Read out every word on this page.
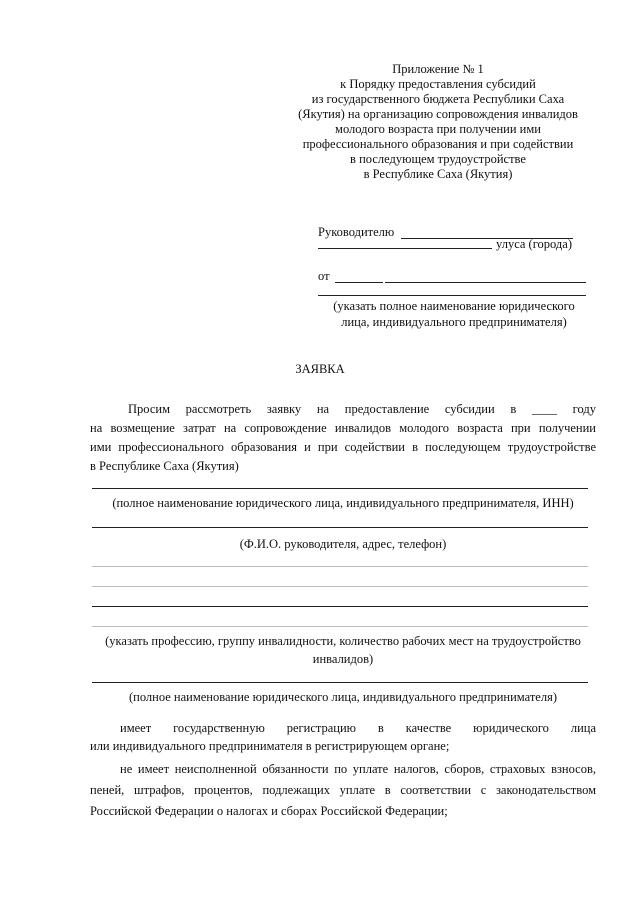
Приложение № 1
к Порядку предоставления субсидий
из государственного бюджета Республики Саха
(Якутия) на организацию сопровождения инвалидов
молодого возраста при получении ими
профессионального образования и при содействии
в последующем трудоустройстве
в Республике Саха (Якутия)
Руководителю
улуса (города)
от
(указать полное наименование юридического
лица, индивидуального предпринимателя)
ЗАЯВКА
Просим рассмотреть заявку на предоставление субсидии в ____ году
на возмещение затрат на сопровождение инвалидов молодого возраста при получении
ими профессионального образования и при содействии в последующем трудоустройстве
в Республике Саха (Якутия)
(полное наименование юридического лица, индивидуального предпринимателя, ИНН)
(Ф.И.О. руководителя, адрес, телефон)
(указать профессию, группу инвалидности, количество рабочих мест на трудоустройство
инвалидов)
(полное наименование юридического лица, индивидуального предпринимателя)
имеет государственную регистрацию в качестве юридического лица
или индивидуального предпринимателя в регистрирующем органе;
не имеет неисполненной обязанности по уплате налогов, сборов, страховых взносов,
пеней, штрафов, процентов, подлежащих уплате в соответствии с законодательством
Российской Федерации о налогах и сборах Российской Федерации;
